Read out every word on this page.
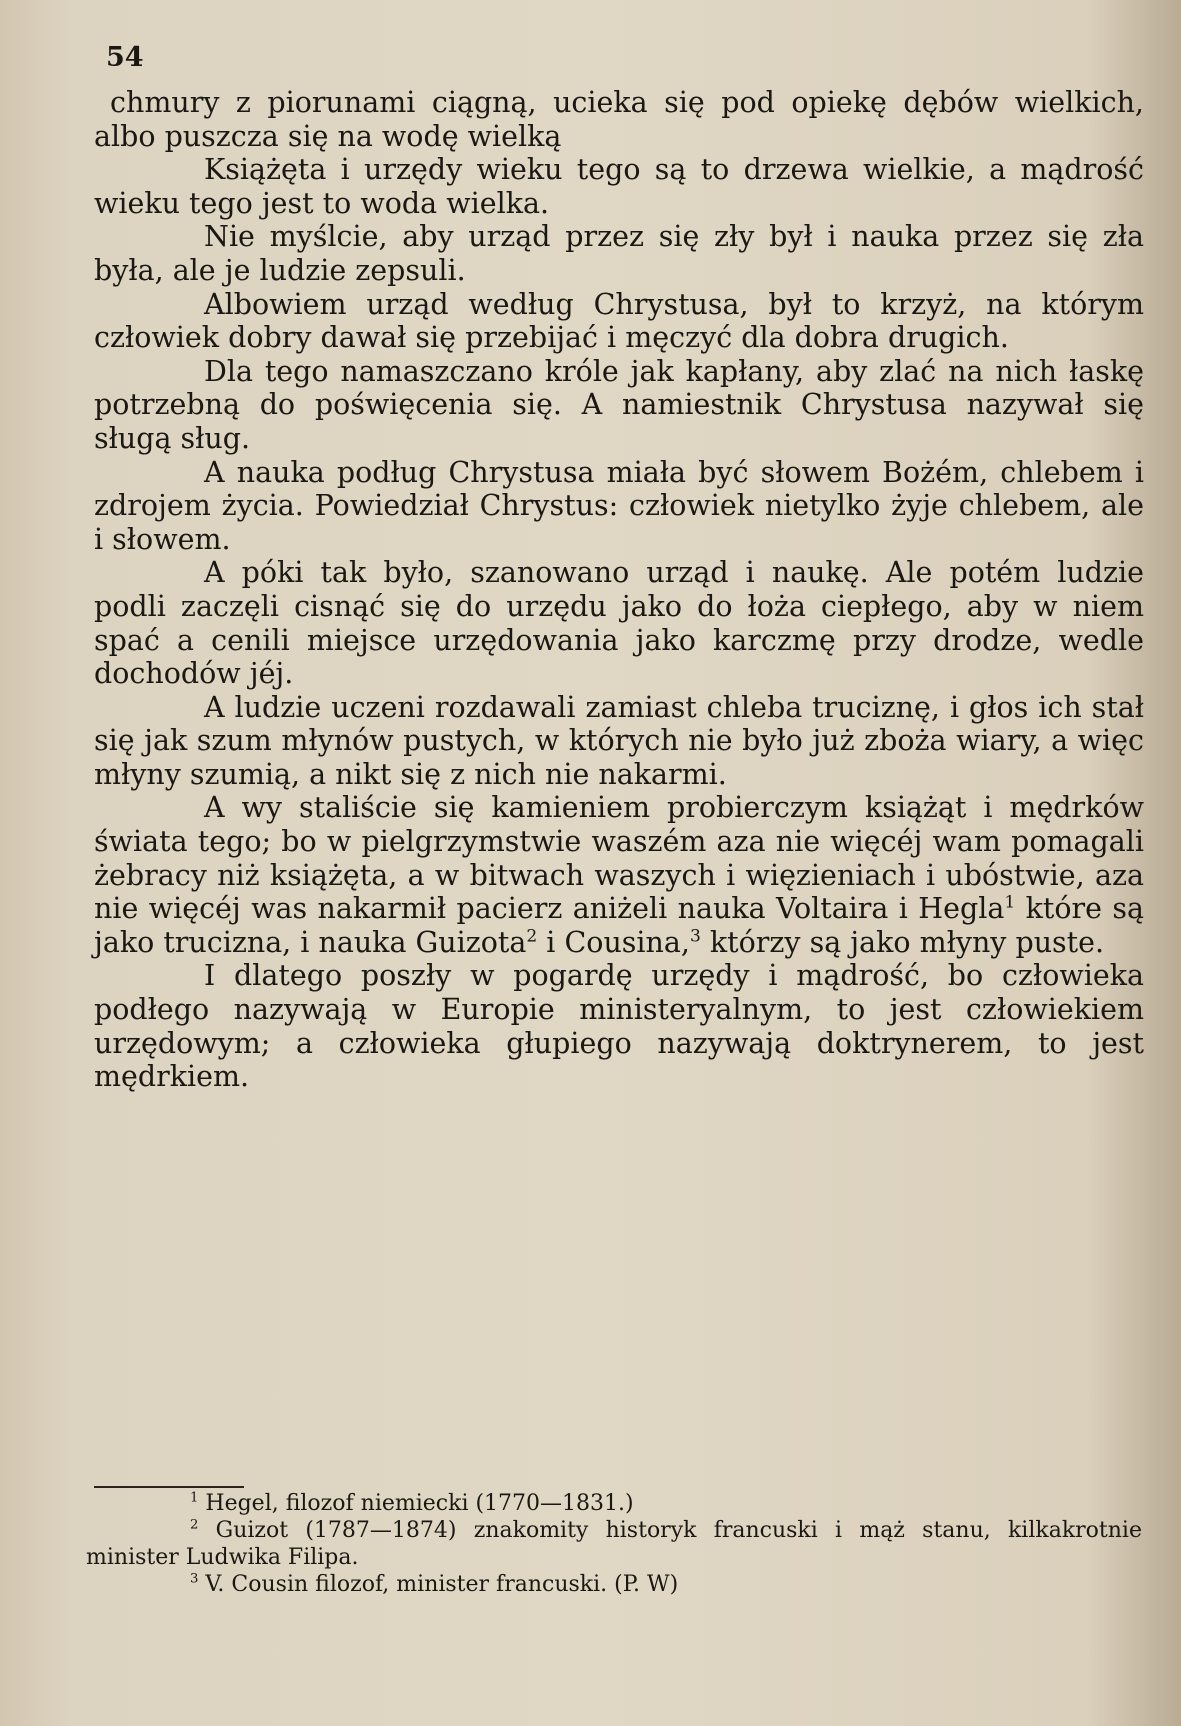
54

chmury z piorunami ciągną, ucieka się pod opiekę dębów wielkich, albo puszcza się na wodę wielką

Książęta i urzędy wieku tego są to drzewa wielkie, a mądrość wieku tego jest to woda wielka.

Nie myślcie, aby urząd przez się zły był i nauka przez się zła była, ale je ludzie zepsuli.

Albowiem urząd według Chrystusa, był to krzyż, na którym człowiek dobry dawał się przebijać i męczyć dla dobra drugich.

Dla tego namaszczano króle jak kapłany, aby zlać na nich łaskę potrzebną do poświęcenia się. A namiestnik Chrystusa nazywał się sługą sług.

A nauka podług Chrystusa miała być słowem Bożém, chlebem i zdrojem życia. Powiedział Chrystus: człowiek nietylko żyje chlebem, ale i słowem.

A póki tak było, szanowano urząd i naukę. Ale potém ludzie podli zaczęli cisnąć się do urzędu jako do łoża ciepłego, aby w niem spać a cenili miejsce urzędowania jako karczmę przy drodze, wedle dochodów jéj.

A ludzie uczeni rozdawali zamiast chleba truciznę, i głos ich stał się jak szum młynów pustych, w których nie było już zboża wiary, a więc młyny szumią, a nikt się z nich nie nakarmi.

A wy staliście się kamieniem probierczym książąt i mędrków świata tego; bo w pielgrzymstwie waszém aza nie więcéj wam pomagali żebracy niż książęta, a w bitwach waszych i więzieniach i ubóstwie, aza nie więcéj was nakarmił pacierz aniżeli nauka Voltaira i Hegla$^1$ które są jako trucizna, i nauka Guizota$^2$ i Cousina,$^3$ którzy są jako młyny puste.

I dlatego poszły w pogardę urzędy i mądrość, bo człowieka podłego nazywają w Europie ministeryalnym, to jest człowiekiem urzędowym; a człowieka głupiego nazywają doktrynerem, to jest mędrkiem.

$^1$ Hegel, filozof niemiecki (1770—1831.)

$^2$ Guizot (1787—1874) znakomity historyk francuski i mąż stanu, kilkakrotnie minister Ludwika Filipa.

$^3$ V. Cousin filozof, minister francuski. (P. W)
